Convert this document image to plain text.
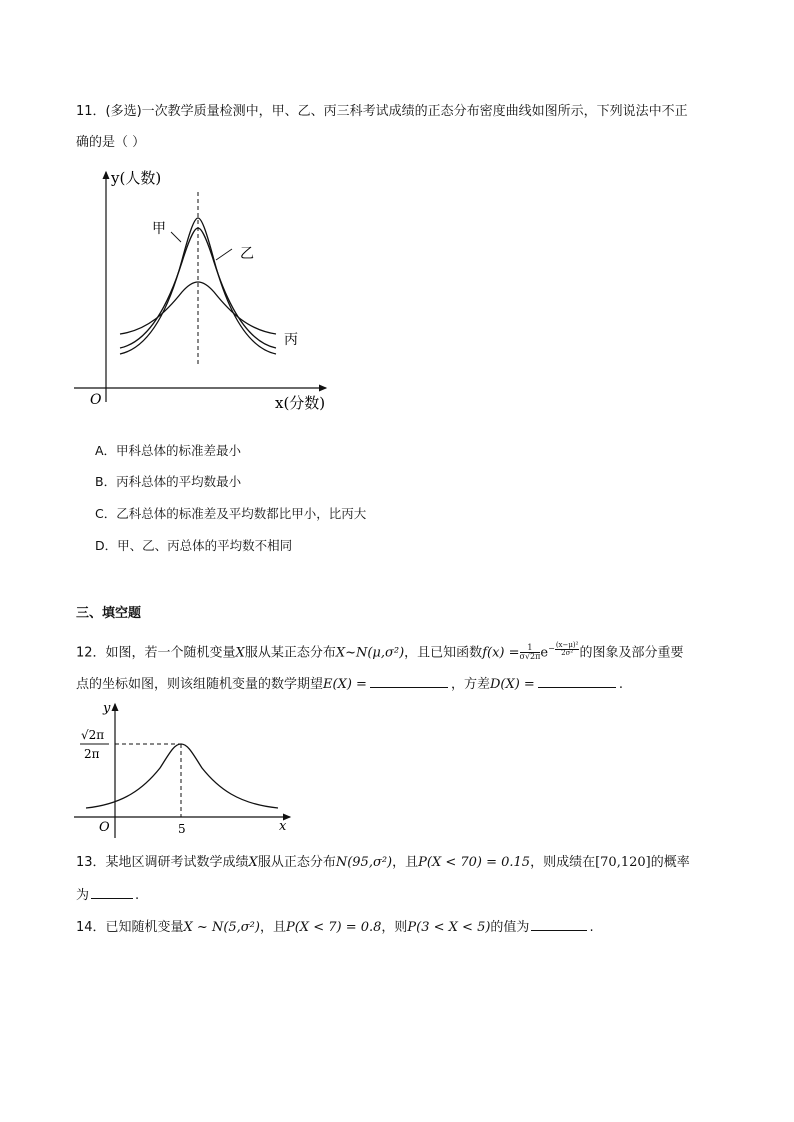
11．(多选)一次教学质量检测中，甲、乙、丙三科考试成绩的正态分布密度曲线如图所示，下列说法中不正
确的是（ ）
y(人数)
O	x(分数)
甲
乙
丙
A．甲科总体的标准差最小
B．丙科总体的平均数最小
C．乙科总体的标准差及平均数都比甲小，比丙大
D．甲、乙、丙总体的平均数不相同
三、填空题
12．如图，若一个随机变量X服从某正态分布X~N(μ,σ²)，且已知函数$f(x) = \frac{1}{\sigma√2\pi} e^{- \frac{\text{(x−μ)²}}{\text{2σ²}}}$ 的图象及部分重要
点的坐标如图，则该组随机变量的数学期望E(X) =	，方差D(X) =	.
y
x
O
√2π
2π
5
13．某地区调研考试数学成绩X服从正态分布N(95,σ²)，且P(X < 70) = 0.15，则成绩在[70,120]的概率
为	.
14．已知随机变量X ~ N(5,σ²)，且P(X < 7) = 0.8，则P(3 < X < 5)的值为	.
